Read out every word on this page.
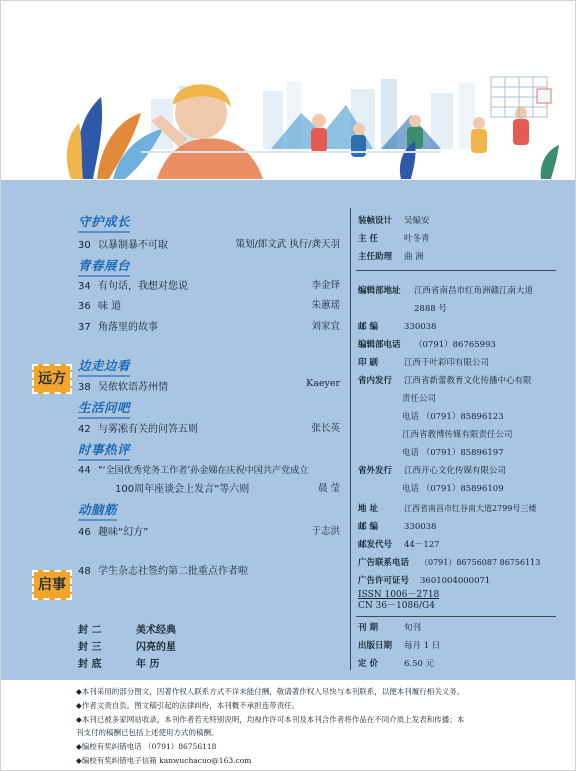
守护成长
30 以暴制暴不可取	策划/郎文武 执行/龚天羽
青春展台
34 有句话，我想对您说	李金铎
36 味 道	朱蕙瑶
37 角落里的故事	刘家宜
远方
边走边看
38 吴侬软语苏州情	Kaeyer
生活问吧
42 与雾凇有关的问答五则	张长英
时事热评
44 “‘全国优秀党务工作者’孙金娣在庆祝中国共产党成立
100周年座谈会上发言”等六则	晨 莹
动脑筋
46 趣味“幻方”	于志洪
启事
48 学生杂志社签约第二批重点作者啦
封 二	美术经典
封 三	闪亮的星
封 底	年 历
装帧设计 吴编安
主 任	叶冬青
主任助理 曲 洲
编辑部地址 江西省南昌市红角洲赣江南大道
2888 号
邮 编	330038
编辑部电话 （0791）86765993
印 刷	江西千叶彩印有限公司
省内发行 江西省新蕾教育文化传播中心有限
责任公司
电话 （0791）85896123
江西省教博传媒有限责任公司
电话 （0791）85896197
省外发行 江西开心文化传媒有限公司
电话 （0791）85896109
地 址	江西省南昌市红谷南大道2799号三楼
邮 编	330038
邮发代号 44－127
广告联系电话 （0791）86756087 86756113
广告许可证号 3601004000071
ISSN 1006－2718
CN 36－1086/G4
刊 期	旬刊
出版日期 每月 1 日
定 价	6.50 元
◆本刊采用的部分图文，因著作权人联系方式不详未能付酬，敬请著作权人尽快与本刊联系，以便本刊履行相关义务。
◆作者文责自负。图文稿引起的法律纠纷，本刊概不承担连带责任。
◆本刊已被多家网站收录，本刊作者若无特别说明，均视作许可本刊及本刊合作者将作品在不同介质上发表和传播；本
刊支付的稿酬已包括上述使用方式的稿酬。
◆编校有奖纠错电话 （0791）86756118
◆编校有奖纠错电子信箱 kanwuchacuo@163.com
